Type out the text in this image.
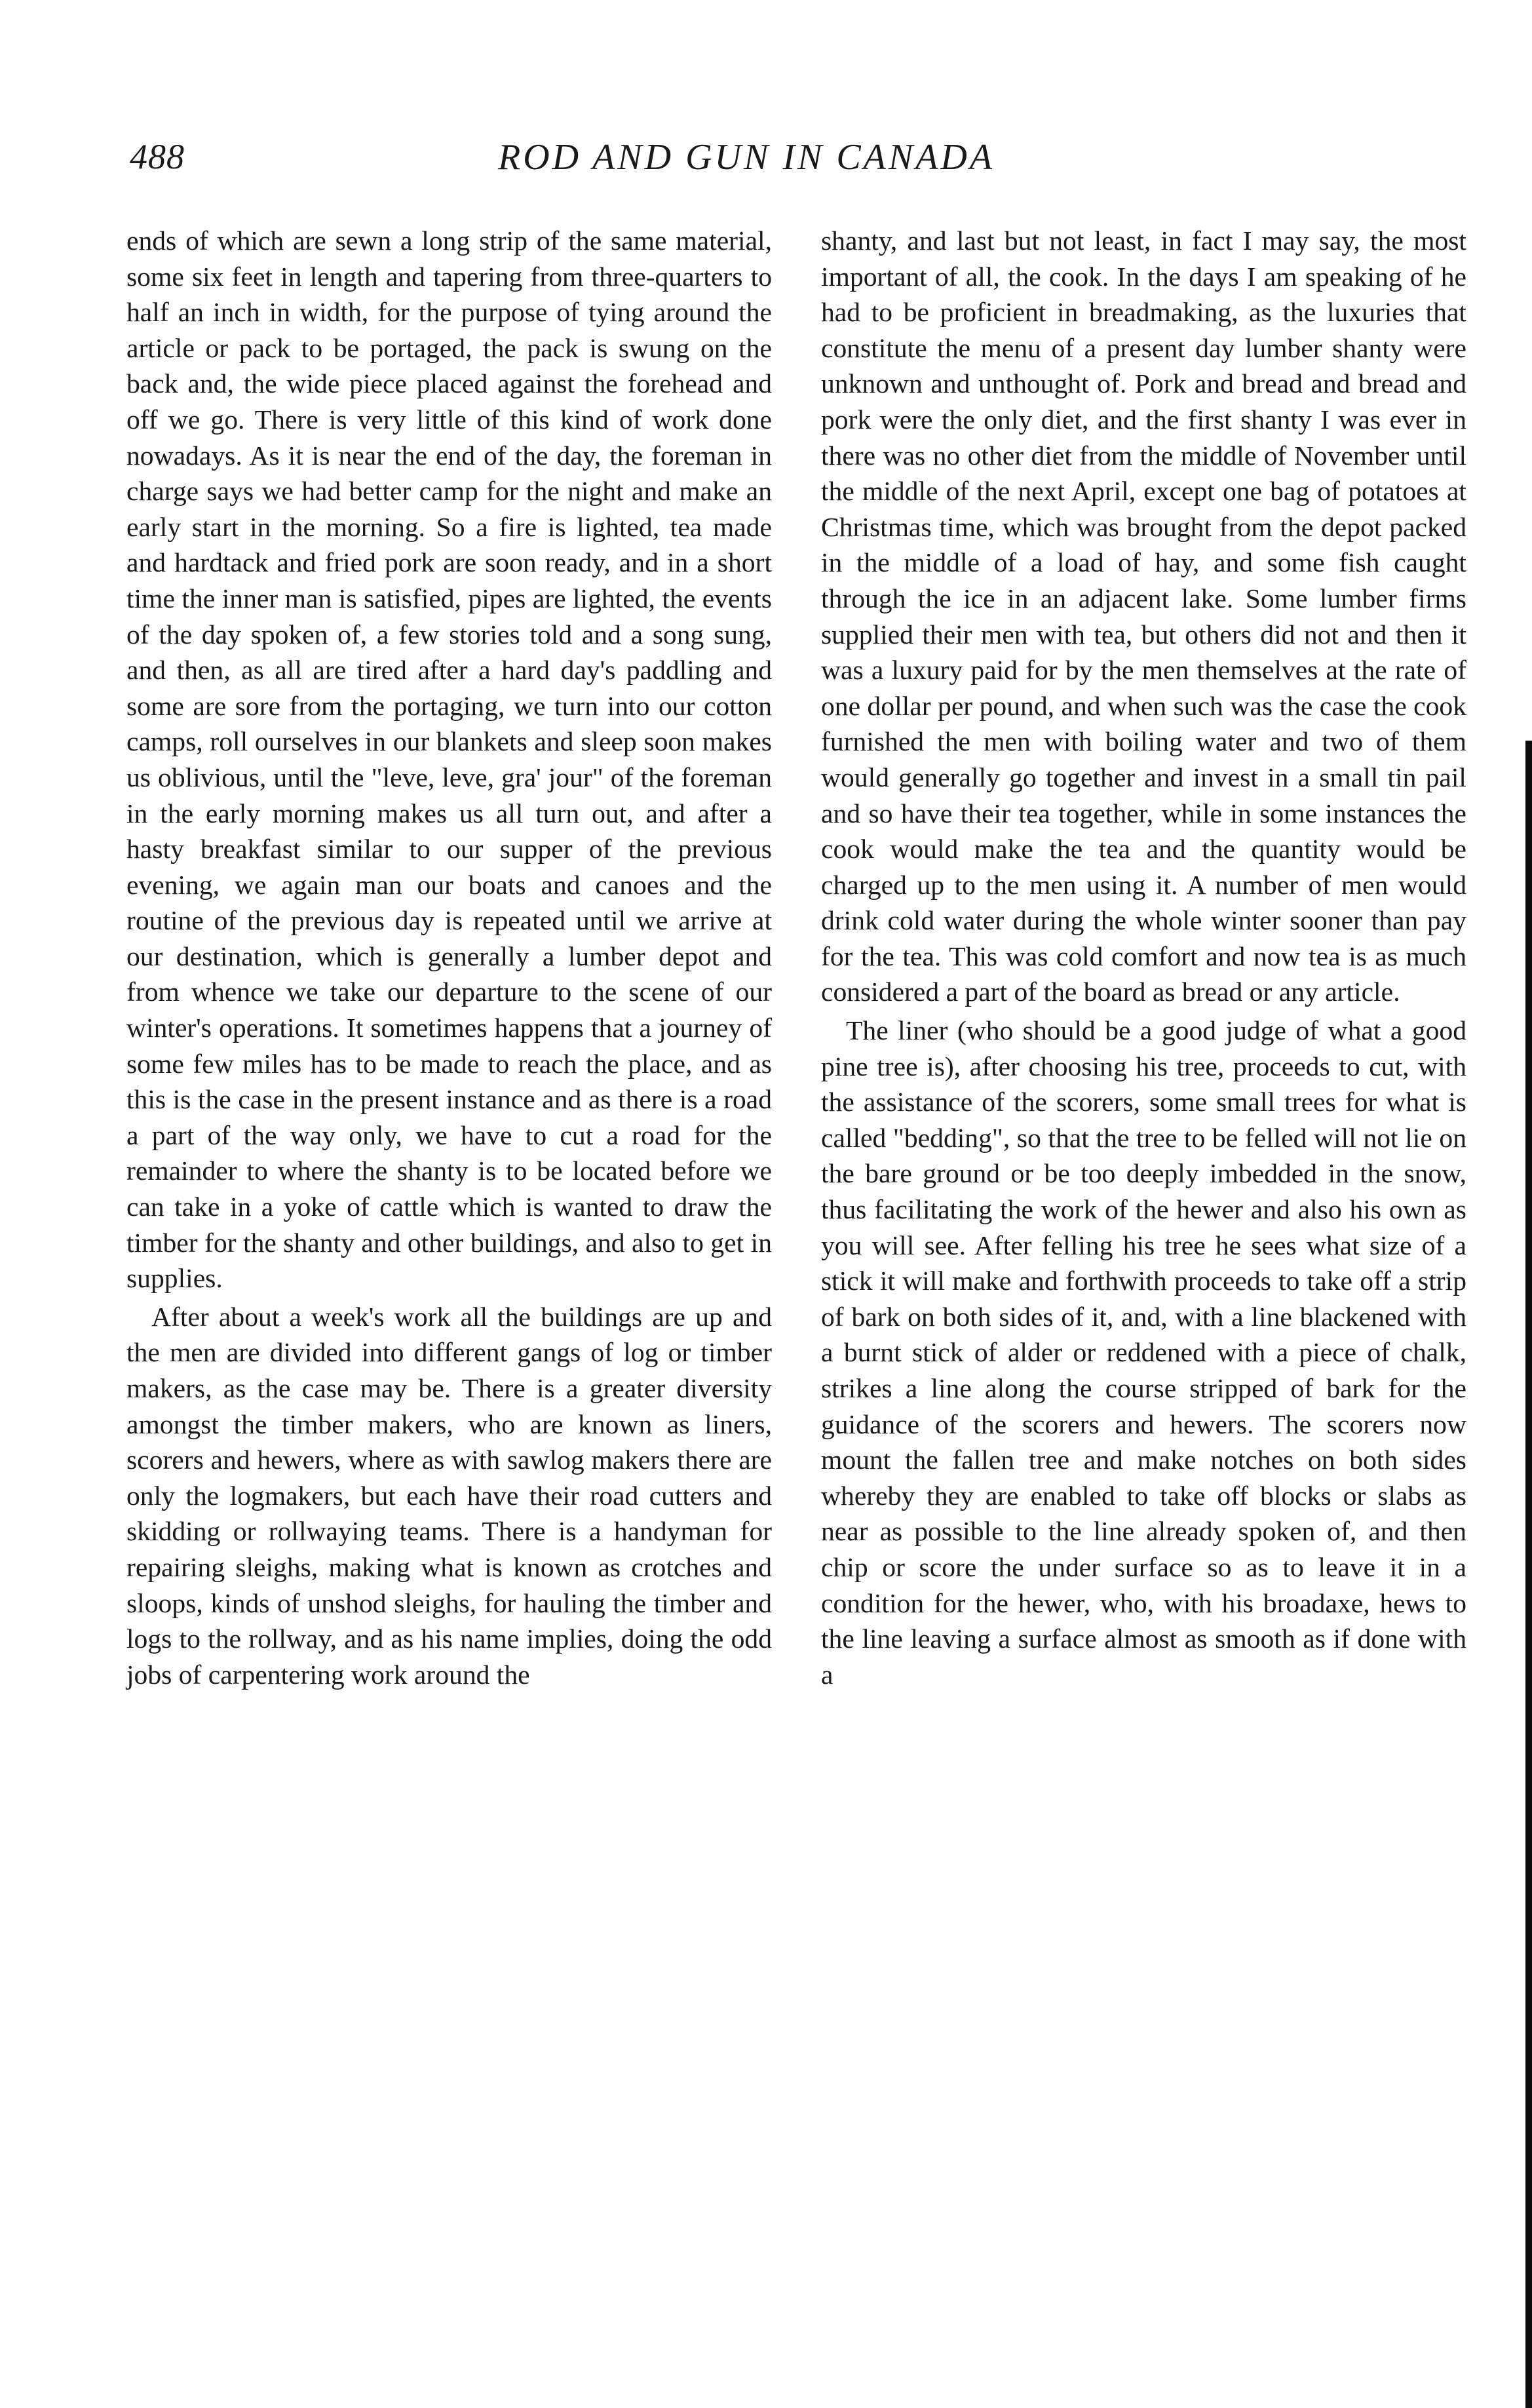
488	ROD AND GUN IN CANADA

ends of which are sewn a long strip of the same material, some six feet in length and tapering from three-quarters to half an inch in width, for the purpose of tying around the article or pack to be portaged, the pack is swung on the back and, the wide piece placed against the forehead and off we go. There is very little of this kind of work done nowadays. As it is near the end of the day, the foreman in charge says we had better camp for the night and make an early start in the morning. So a fire is lighted, tea made and hardtack and fried pork are soon ready, and in a short time the inner man is satisfied, pipes are lighted, the events of the day spoken of, a few stories told and a song sung, and then, as all are tired after a hard day's paddling and some are sore from the portaging, we turn into our cotton camps, roll ourselves in our blankets and sleep soon makes us oblivious, until the "leve, leve, gra' jour" of the foreman in the early morning makes us all turn out, and after a hasty breakfast similar to our supper of the previous evening, we again man our boats and canoes and the routine of the previous day is repeated until we arrive at our destination, which is generally a lumber depot and from whence we take our departure to the scene of our winter's operations. It sometimes happens that a journey of some few miles has to be made to reach the place, and as this is the case in the present instance and as there is a road a part of the way only, we have to cut a road for the remainder to where the shanty is to be located before we can take in a yoke of cattle which is wanted to draw the timber for the shanty and other buildings, and also to get in supplies.

After about a week's work all the buildings are up and the men are divided into different gangs of log or timber makers, as the case may be. There is a greater diversity amongst the timber makers, who are known as liners, scorers and hewers, where as with sawlog makers there are only the logmakers, but each have their road cutters and skidding or rollwaying teams. There is a handyman for repairing sleighs, making what is known as crotches and sloops, kinds of unshod sleighs, for hauling the timber and logs to the rollway, and as his name implies, doing the odd jobs of carpentering work around the

shanty, and last but not least, in fact I may say, the most important of all, the cook. In the days I am speaking of he had to be proficient in breadmaking, as the luxuries that constitute the menu of a present day lumber shanty were unknown and unthought of. Pork and bread and bread and pork were the only diet, and the first shanty I was ever in there was no other diet from the middle of November until the middle of the next April, except one bag of potatoes at Christmas time, which was brought from the depot packed in the middle of a load of hay, and some fish caught through the ice in an adjacent lake. Some lumber firms supplied their men with tea, but others did not and then it was a luxury paid for by the men themselves at the rate of one dollar per pound, and when such was the case the cook furnished the men with boiling water and two of them would generally go together and invest in a small tin pail and so have their tea together, while in some instances the cook would make the tea and the quantity would be charged up to the men using it. A number of men would drink cold water during the whole winter sooner than pay for the tea. This was cold comfort and now tea is as much considered a part of the board as bread or any article.

The liner (who should be a good judge of what a good pine tree is), after choosing his tree, proceeds to cut, with the assistance of the scorers, some small trees for what is called "bedding", so that the tree to be felled will not lie on the bare ground or be too deeply imbedded in the snow, thus facilitating the work of the hewer and also his own as you will see. After felling his tree he sees what size of a stick it will make and forthwith proceeds to take off a strip of bark on both sides of it, and, with a line blackened with a burnt stick of alder or reddened with a piece of chalk, strikes a line along the course stripped of bark for the guidance of the scorers and hewers. The scorers now mount the fallen tree and make notches on both sides whereby they are enabled to take off blocks or slabs as near as possible to the line already spoken of, and then chip or score the under surface so as to leave it in a condition for the hewer, who, with his broadaxe, hews to the line leaving a surface almost as smooth as if done with a
